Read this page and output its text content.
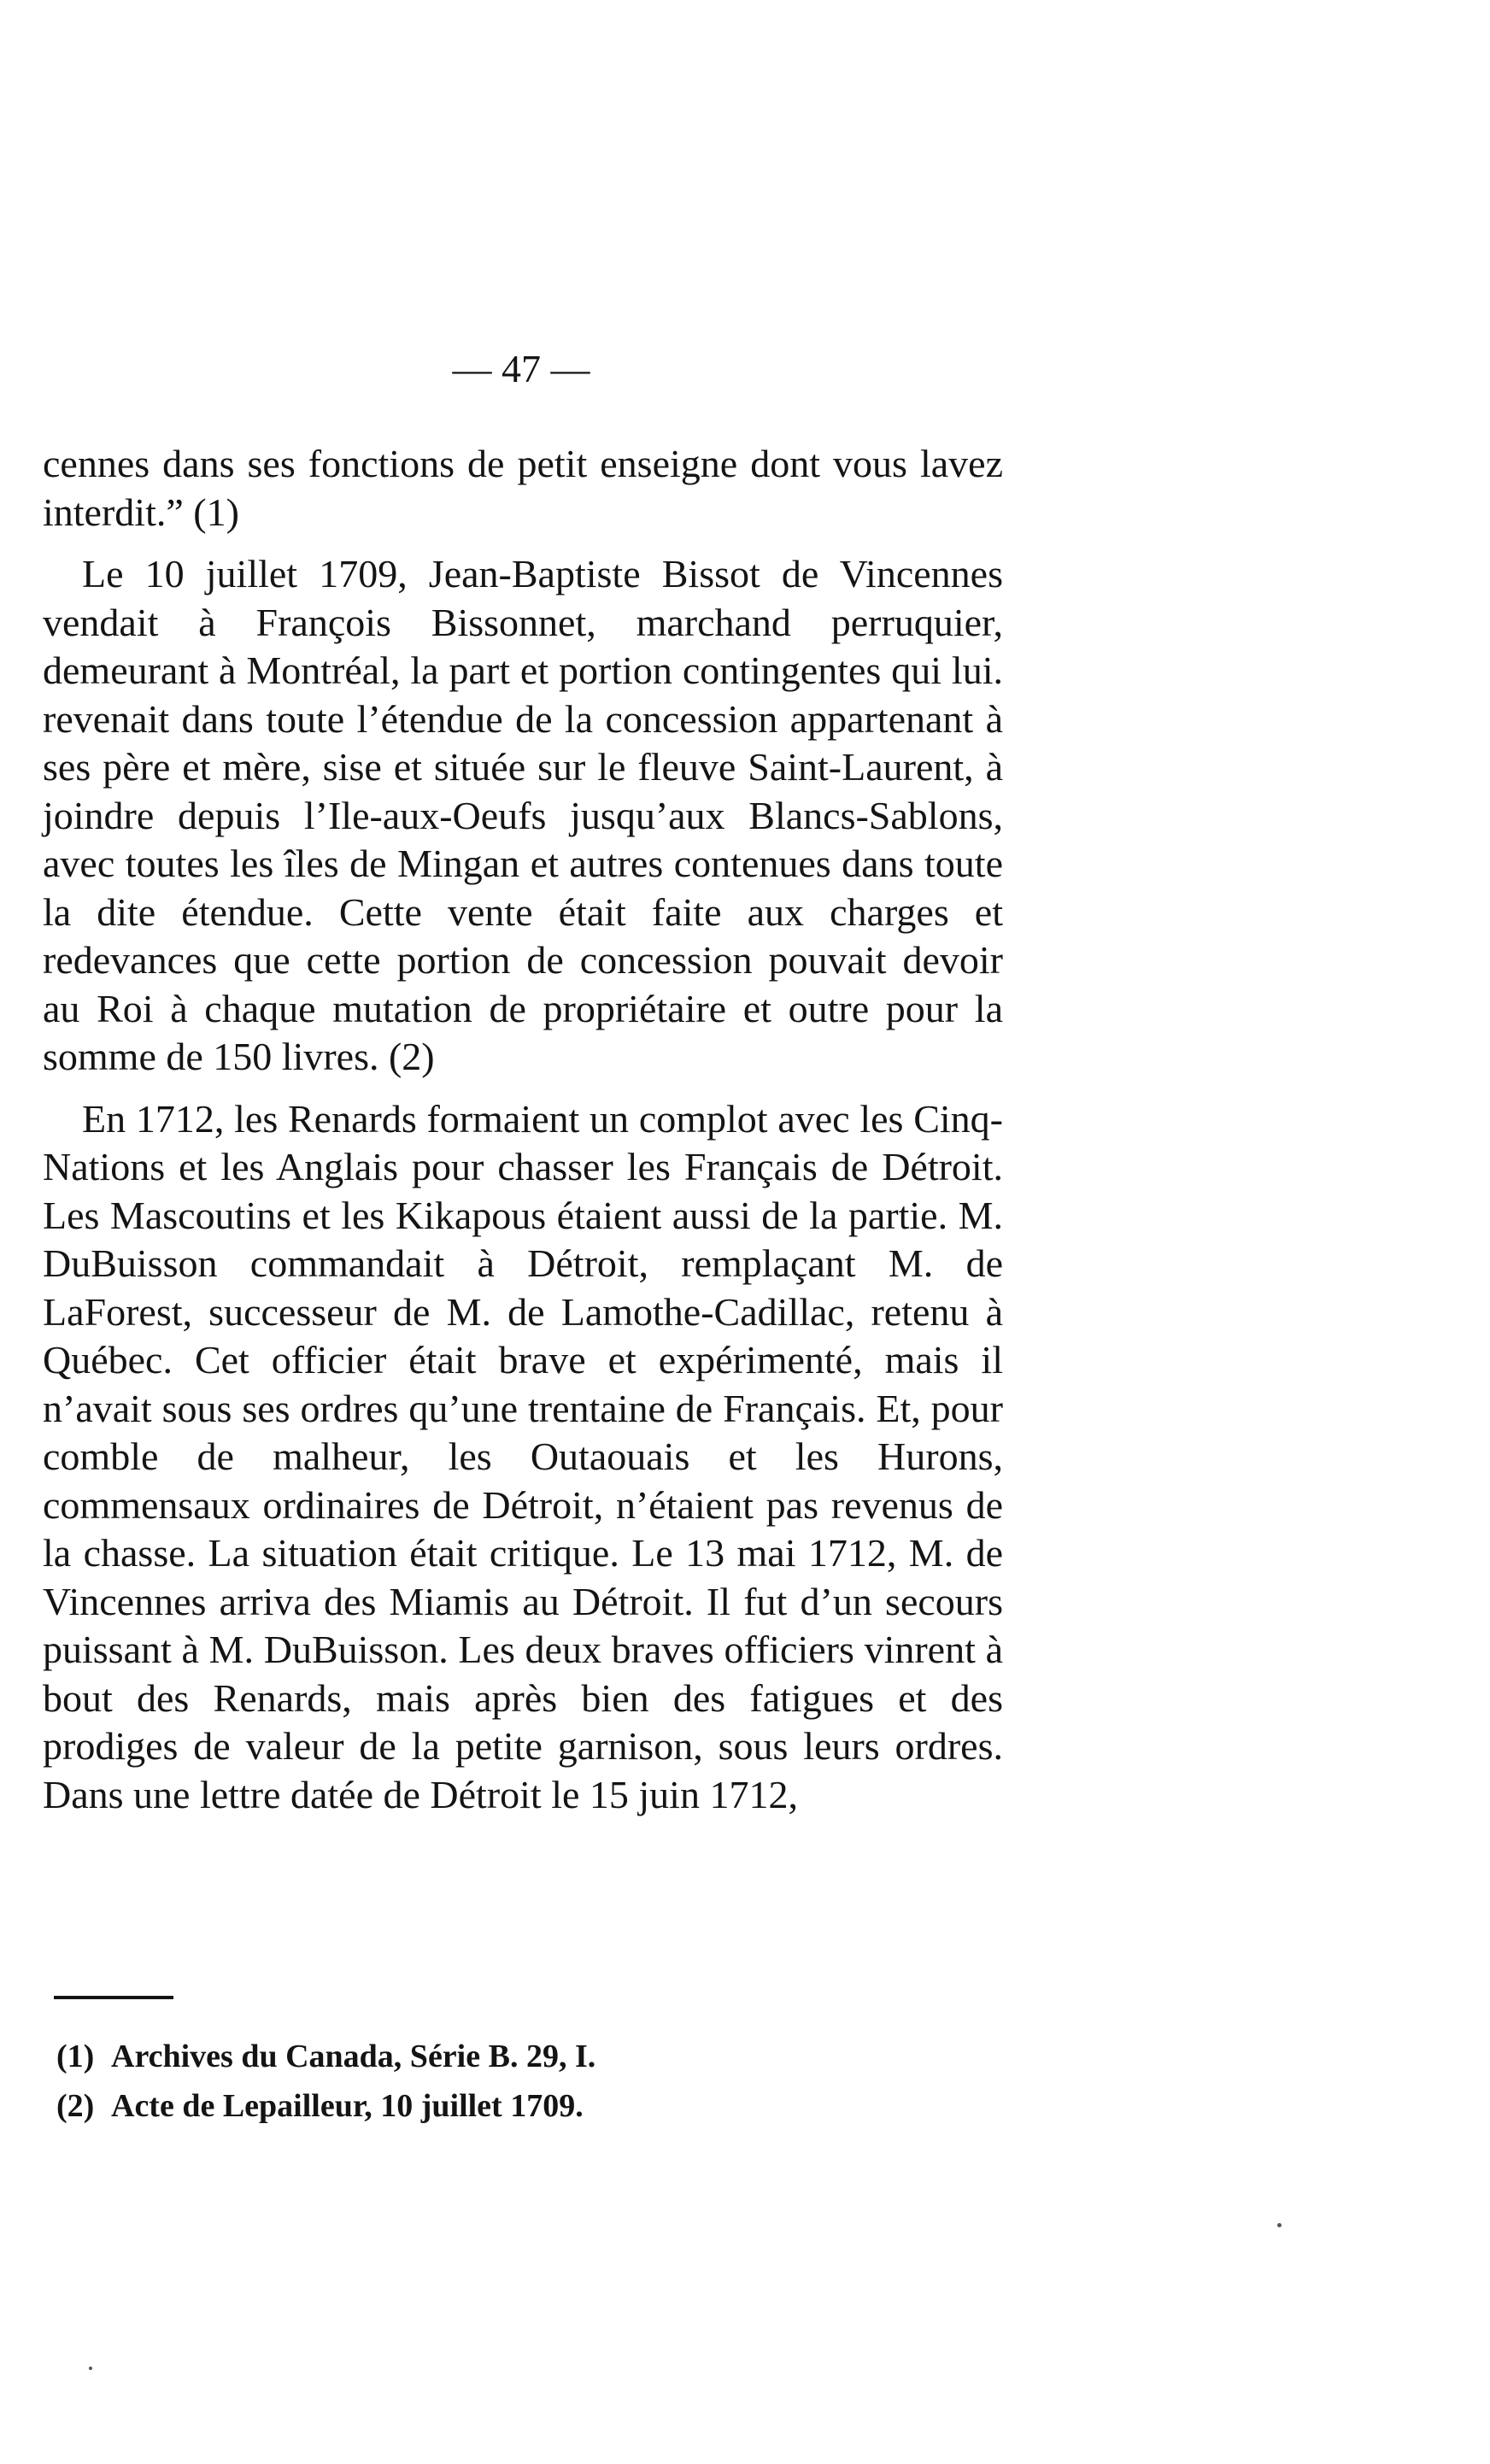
— 47 —

cennes dans ses fonctions de petit enseigne dont vous lavez interdit.” (1)

Le 10 juillet 1709, Jean-Baptiste Bissot de Vincennes vendait à François Bissonnet, marchand perruquier, demeurant à Montréal, la part et portion contingentes qui lui. revenait dans toute l’étendue de la concession appartenant à ses père et mère, sise et située sur le fleuve Saint-Laurent, à joindre depuis l’Ile-aux-Oeufs jusqu’aux Blancs-Sablons, avec toutes les îles de Mingan et autres contenues dans toute la dite étendue. Cette vente était faite aux charges et redevances que cette portion de concession pouvait devoir au Roi à chaque mutation de propriétaire et outre pour la somme de 150 livres. (2)

En 1712, les Renards formaient un complot avec les Cinq-Nations et les Anglais pour chasser les Français de Détroit. Les Mascoutins et les Kikapous étaient aussi de la partie. M. DuBuisson commandait à Détroit, remplaçant M. de LaForest, successeur de M. de Lamothe-Cadillac, retenu à Québec. Cet officier était brave et expérimenté, mais il n’avait sous ses ordres qu’une trentaine de Français. Et, pour comble de malheur, les Outaouais et les Hurons, commensaux ordinaires de Détroit, n’étaient pas revenus de la chasse. La situation était critique. Le 13 mai 1712, M. de Vincennes arriva des Miamis au Détroit. Il fut d’un secours puissant à M. DuBuisson. Les deux braves officiers vinrent à bout des Renards, mais après bien des fatigues et des prodiges de valeur de la petite garnison, sous leurs ordres. Dans une lettre datée de Détroit le 15 juin 1712,

(1) Archives du Canada, Série B. 29, I.
(2) Acte de Lepailleur, 10 juillet 1709.
